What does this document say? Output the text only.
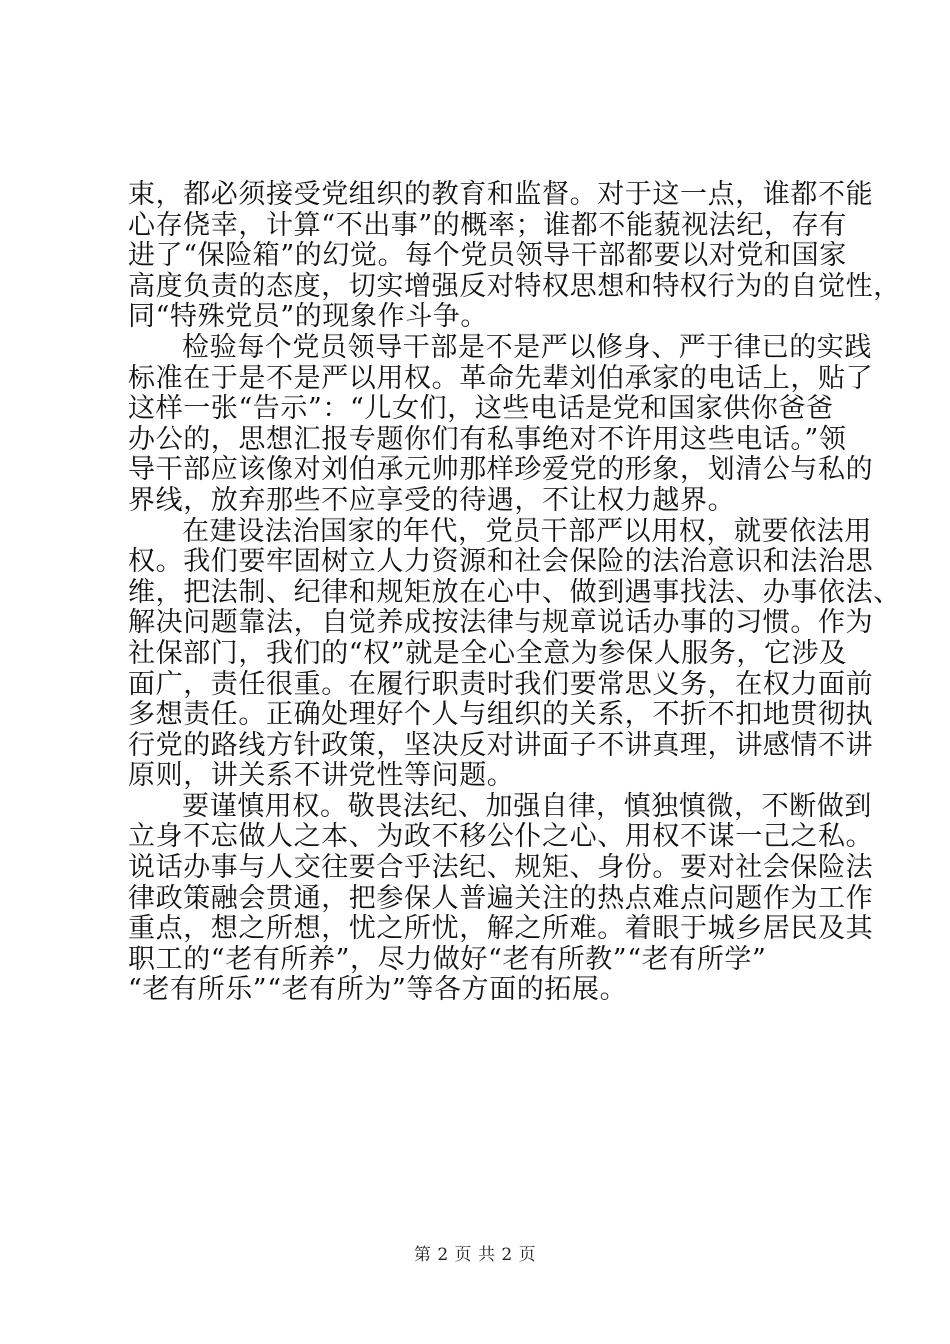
束，都必须接受党组织的教育和监督。对于这一点，谁都不能
心存侥幸，计算“不出事”的概率；谁都不能藐视法纪，存有
进了“保险箱”的幻觉。每个党员领导干部都要以对党和国家
高度负责的态度，切实增强反对特权思想和特权行为的自觉性，
同“特殊党员”的现象作斗争。
检验每个党员领导干部是不是严以修身、严于律已的实践
标准在于是不是严以用权。革命先辈刘伯承家的电话上，贴了
这样一张“告示”：“儿女们，这些电话是党和国家供你爸爸
办公的，思想汇报专题你们有私事绝对不许用这些电话。”领
导干部应该像对刘伯承元帅那样珍爱党的形象，划清公与私的
界线，放弃那些不应享受的待遇，不让权力越界。
在建设法治国家的年代，党员干部严以用权，就要依法用
权。我们要牢固树立人力资源和社会保险的法治意识和法治思
维，把法制、纪律和规矩放在心中、做到遇事找法、办事依法、
解决问题靠法，自觉养成按法律与规章说话办事的习惯。作为
社保部门，我们的“权”就是全心全意为参保人服务，它涉及
面广，责任很重。在履行职责时我们要常思义务，在权力面前
多想责任。正确处理好个人与组织的关系，不折不扣地贯彻执
行党的路线方针政策，坚决反对讲面子不讲真理，讲感情不讲
原则，讲关系不讲党性等问题。
要谨慎用权。敬畏法纪、加强自律，慎独慎微，不断做到
立身不忘做人之本、为政不移公仆之心、用权不谋一己之私。
说话办事与人交往要合乎法纪、规矩、身份。要对社会保险法
律政策融会贯通，把参保人普遍关注的热点难点问题作为工作
重点，想之所想，忧之所忧，解之所难。着眼于城乡居民及其
职工的“老有所养”，尽力做好“老有所教”“老有所学”
“老有所乐”“老有所为”等各方面的拓展。
第 2 页 共 2 页
